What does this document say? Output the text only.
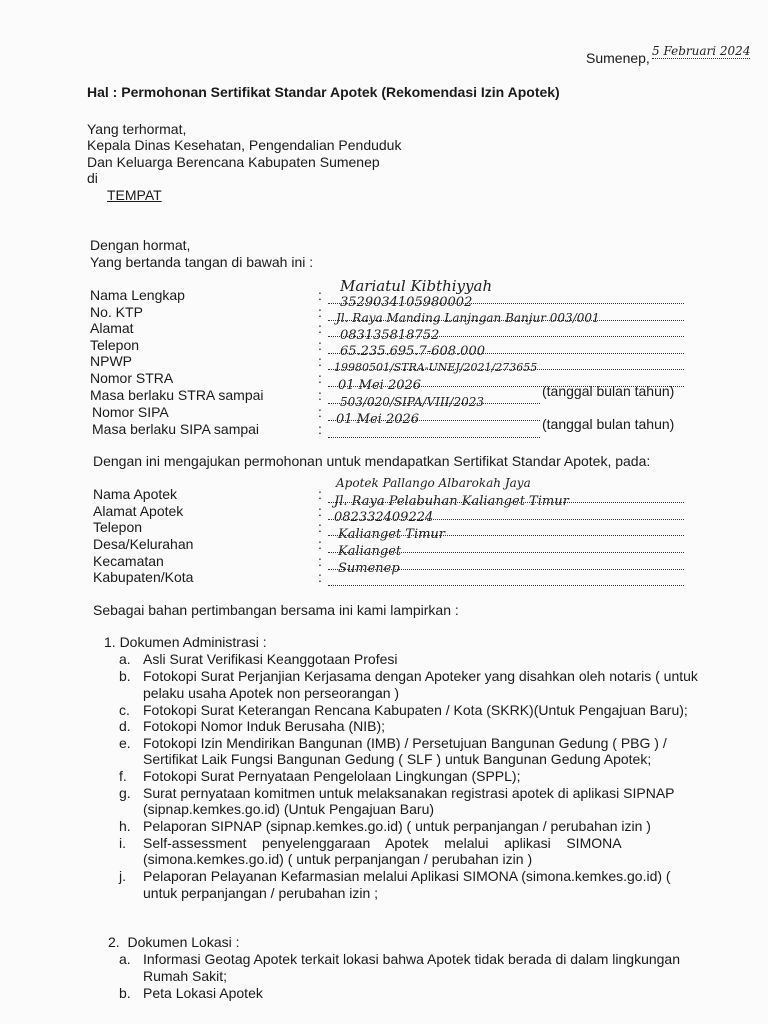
Sumenep, 5 Februari 2024
Hal : Permohonan Sertifikat Standar Apotek (Rekomendasi Izin Apotek)
Yang terhormat,
Kepala Dinas Kesehatan, Pengendalian Penduduk
Dan Keluarga Berencana Kabupaten Sumenep
di
TEMPAT
Dengan hormat,
Yang bertanda tangan di bawah ini :
Nama Lengkap	: Mariatul Kibthiyyah
No. KTP	:
3529034105980002
Alamat	:
Jl. Raya Manding Lanjngan Banjur 003/001
Telepon	:
083135818752
NPWP	:
65.235.695.7-608.000
Nomor STRA	:
19980501/STRA-UNEJ/2021/273655
Masa berlaku STRA sampai	:
01 Mei 2026	(tanggal bulan tahun)
Nomor SIPA	:
503/020/SIPA/VIII/2023
Masa berlaku SIPA sampai	:
01 Mei 2026	(tanggal bulan tahun)
Dengan ini mengajukan permohonan untuk mendapatkan Sertifikat Standar Apotek, pada:
Nama Apotek	:
Apotek Pallango Albarokah Jaya
Alamat Apotek	:
Jl. Raya Pelabuhan Kalianget Timur
Telepon	:
082332409224
Desa/Kelurahan	:
Kalianget Timur
Kecamatan	:
Kalianget
Kabupaten/Kota	:
Sumenep
Sebagai bahan pertimbangan bersama ini kami lampirkan :
1. Dokumen Administrasi :
a. Asli Surat Verifikasi Keanggotaan Profesi
b. Fotokopi Surat Perjanjian Kerjasama dengan Apoteker yang disahkan oleh notaris ( untuk
pelaku usaha Apotek non perseorangan )
c. Fotokopi Surat Keterangan Rencana Kabupaten / Kota (SKRK)(Untuk Pengajuan Baru);
d. Fotokopi Nomor Induk Berusaha (NIB);
e. Fotokopi Izin Mendirikan Bangunan (IMB) / Persetujuan Bangunan Gedung ( PBG ) /
Sertifikat Laik Fungsi Bangunan Gedung ( SLF ) untuk Bangunan Gedung Apotek;
f. Fotokopi Surat Pernyataan Pengelolaan Lingkungan (SPPL);
g. Surat pernyataan komitmen untuk melaksanakan registrasi apotek di aplikasi SIPNAP
(sipnap.kemkes.go.id) (Untuk Pengajuan Baru)
h. Pelaporan SIPNAP (sipnap.kemkes.go.id) ( untuk perpanjangan / perubahan izin )
i. Self-assessment    penyelenggaraan    Apotek    melalui    aplikasi    SIMONA
(simona.kemkes.go.id) ( untuk perpanjangan / perubahan izin )
j. Pelaporan Pelayanan Kefarmasian melalui Aplikasi SIMONA (simona.kemkes.go.id) (
untuk perpanjangan / perubahan izin ;
2.  Dokumen Lokasi :
a. Informasi Geotag Apotek terkait lokasi bahwa Apotek tidak berada di dalam lingkungan
Rumah Sakit;
b. Peta Lokasi Apotek
